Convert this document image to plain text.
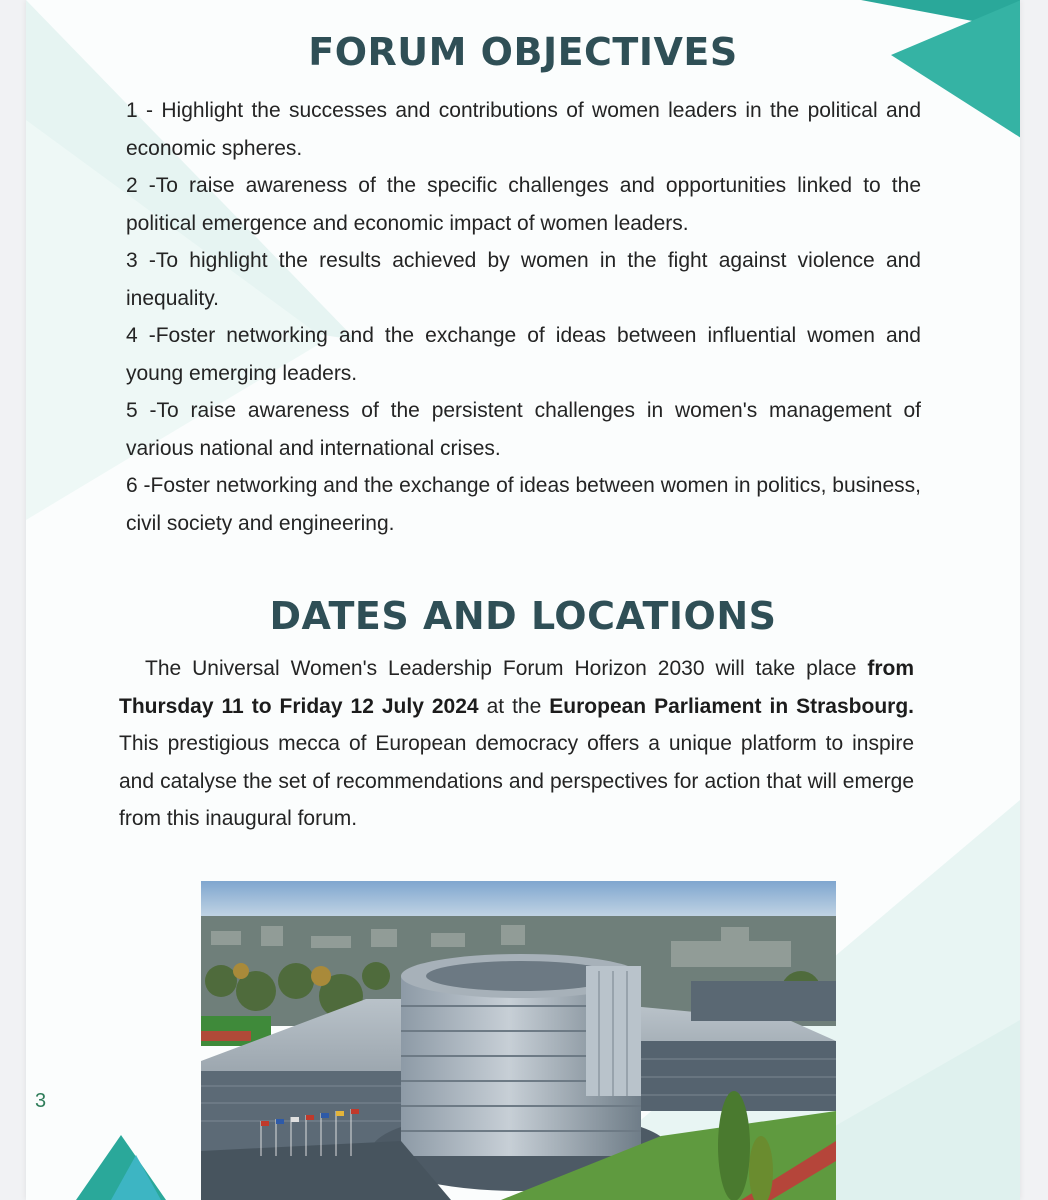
FORUM OBJECTIVES
1 - Highlight the successes and contributions of women leaders in the political and economic spheres.
2 -To raise awareness of the specific challenges and opportunities linked to the political emergence and economic impact of women leaders.
3 -To highlight the results achieved by women in the fight against violence and inequality.
4 -Foster networking and the exchange of ideas between influential women and young emerging leaders.
5 -To raise awareness of the persistent challenges in women's management of various national and international crises.
6 -Foster networking and the exchange of ideas between women in politics, business, civil society and engineering.
DATES AND LOCATIONS

The Universal Women's Leadership Forum Horizon 2030 will take place from Thursday 11 to Friday 12 July 2024 at the European Parliament in Strasbourg. This prestigious mecca of European democracy offers a unique platform to inspire and catalyse the set of recommendations and perspectives for action that will emerge from this inaugural forum.

3
